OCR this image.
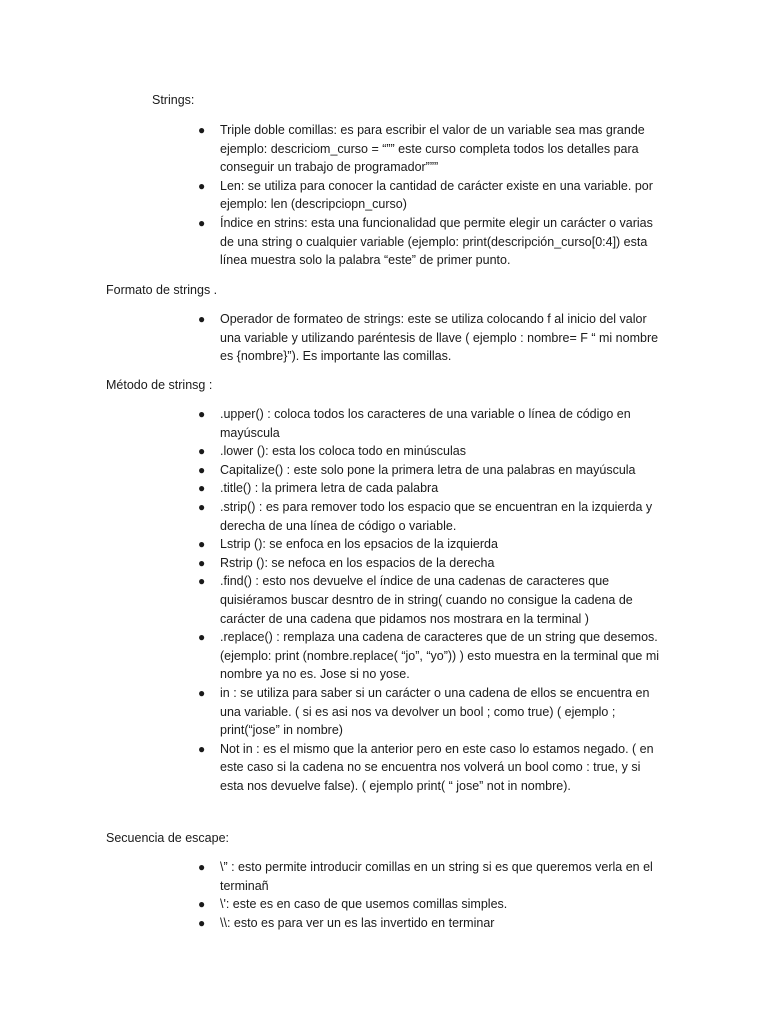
Strings:

● Triple doble comillas: es para escribir el valor de un variable sea mas grande ejemplo: descriciom_curso = “”” este curso completa todos los detalles para conseguir un trabajo de programador”””
● Len: se utiliza para conocer la cantidad de carácter existe en una variable. por ejemplo: len (descripciopn_curso)
● Índice en strins: esta una funcionalidad que permite elegir un carácter o varias de una string o cualquier variable (ejemplo: print(descripción_curso[0:4]) esta línea muestra solo la palabra “este” de primer punto.

Formato de strings .

● Operador de formateo de strings: este se utiliza colocando f al inicio del valor una variable y utilizando paréntesis de llave ( ejemplo : nombre= F “ mi nombre es {nombre}”). Es importante las comillas.

Método de strinsg :

● .upper() : coloca todos los caracteres de una variable o línea de código en mayúscula
● .lower (): esta los coloca todo en minúsculas
● Capitalize() : este solo pone la primera letra de una palabras en mayúscula
● .title() : la primera letra de cada palabra
● .strip() : es para remover todo los espacio que se encuentran en la izquierda y derecha de una línea de código o variable.
● Lstrip (): se enfoca en los epsacios de la izquierda
● Rstrip (): se nefoca en los espacios de la derecha
● .find() : esto nos devuelve el índice de una cadenas de caracteres que quisiéramos buscar desntro de in string( cuando no consigue la cadena de carácter de una cadena que pidamos nos mostrara en la terminal )
● .replace() : remplaza una cadena de caracteres que de un string que desemos. (ejemplo: print (nombre.replace( “jo”, “yo”)) ) esto muestra en la terminal que mi nombre ya no es. Jose si no yose.
● in : se utiliza para saber si un carácter o una cadena de ellos se encuentra en una variable. ( si es asi nos va devolver un bool ; como true) ( ejemplo ; print(“jose” in nombre)
● Not in : es el mismo que la anterior pero en este caso lo estamos negado. ( en este caso si la cadena no se encuentra nos volverá un bool como : true, y si esta nos devuelve false). ( ejemplo print( “ jose” not in nombre).

Secuencia de escape:

● \” : esto permite introducir comillas en un string si es que queremos verla en el terminañ
● \': este es en caso de que usemos comillas simples.
● \\: esto es para ver un es las invertido en terminar
